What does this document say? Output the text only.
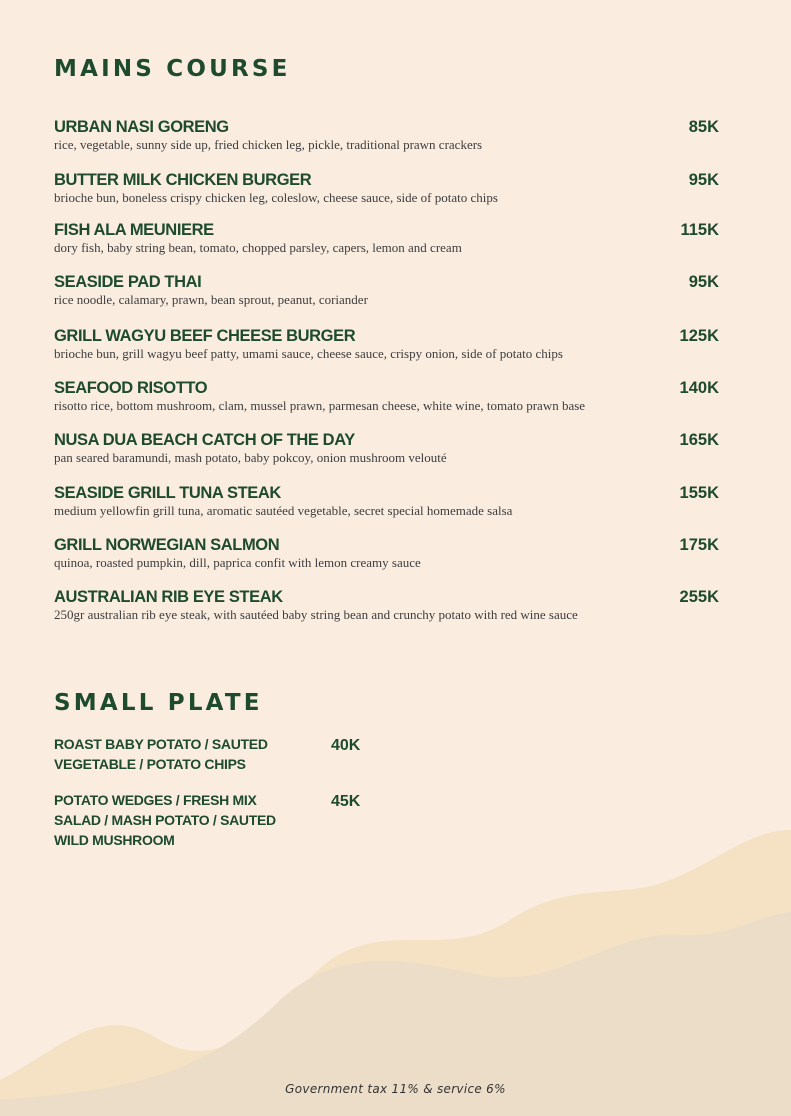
MAINS COURSE
URBAN NASI GORENG
rice, vegetable, sunny side up, fried chicken leg, pickle, traditional prawn crackers
85K
BUTTER MILK CHICKEN BURGER
brioche bun, boneless crispy chicken leg, coleslow, cheese sauce, side of potato chips
95K
FISH ALA MEUNIERE
dory fish, baby string bean, tomato, chopped parsley, capers, lemon and cream
115K
SEASIDE PAD THAI
rice noodle, calamary, prawn, bean sprout, peanut, coriander
95K
GRILL WAGYU BEEF CHEESE BURGER
brioche bun, grill wagyu beef patty, umami sauce, cheese sauce, crispy onion, side of potato chips
125K
SEAFOOD RISOTTO
risotto rice, bottom mushroom, clam, mussel prawn, parmesan cheese, white wine, tomato prawn base
140K
NUSA DUA BEACH CATCH OF THE DAY
pan seared baramundi, mash potato, baby pokcoy, onion mushroom velouté
165K
SEASIDE GRILL TUNA STEAK
medium yellowfin grill tuna, aromatic sautéed vegetable, secret special homemade salsa
155K
GRILL NORWEGIAN SALMON
quinoa, roasted pumpkin, dill, paprica confit with lemon creamy sauce
175K
AUSTRALIAN RIB EYE STEAK
250gr australian rib eye steak, with sautéed baby string bean and crunchy potato with red wine sauce
255K
SMALL PLATE
ROAST BABY POTATO / SAUTED VEGETABLE / POTATO CHIPS
40K
POTATO WEDGES / FRESH MIX SALAD / MASH POTATO / SAUTED WILD MUSHROOM
45K
Government tax 11% & service 6%
